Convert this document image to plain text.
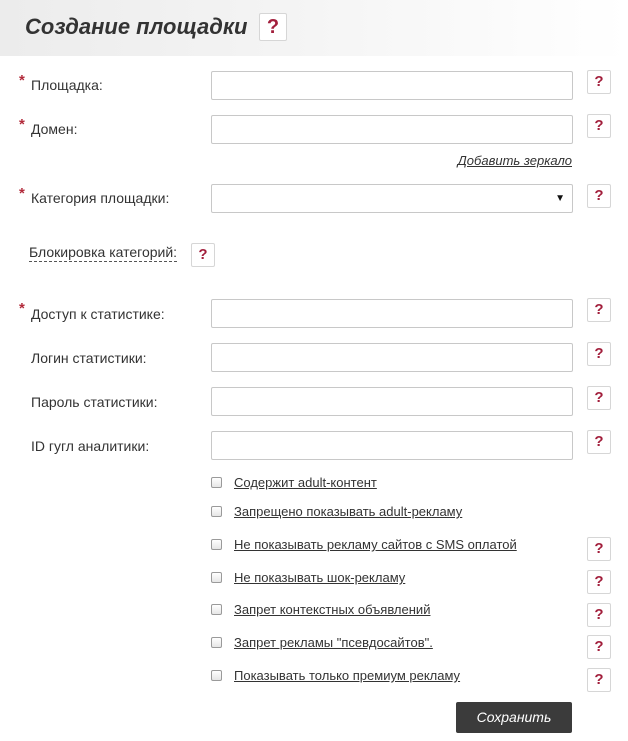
Создание площадки ?
* Площадка:	?
* Домен:	?
Добавить зеркало
* Категория площадки:	▼	?
Блокировка категорий:	?
* Доступ к статистике:	?
Логин статистики:	?
Пароль статистики:	?
ID гугл аналитики:	?
Содержит adult-контент
Запрещено показывать adult-рекламу
Не показывать рекламу сайтов с SMS оплатой	?
Не показывать шок-рекламу	?
Запрет контекстных объявлений	?
Запрет рекламы "псевдосайтов".	?
Показывать только премиум рекламу	?
Сохранить
